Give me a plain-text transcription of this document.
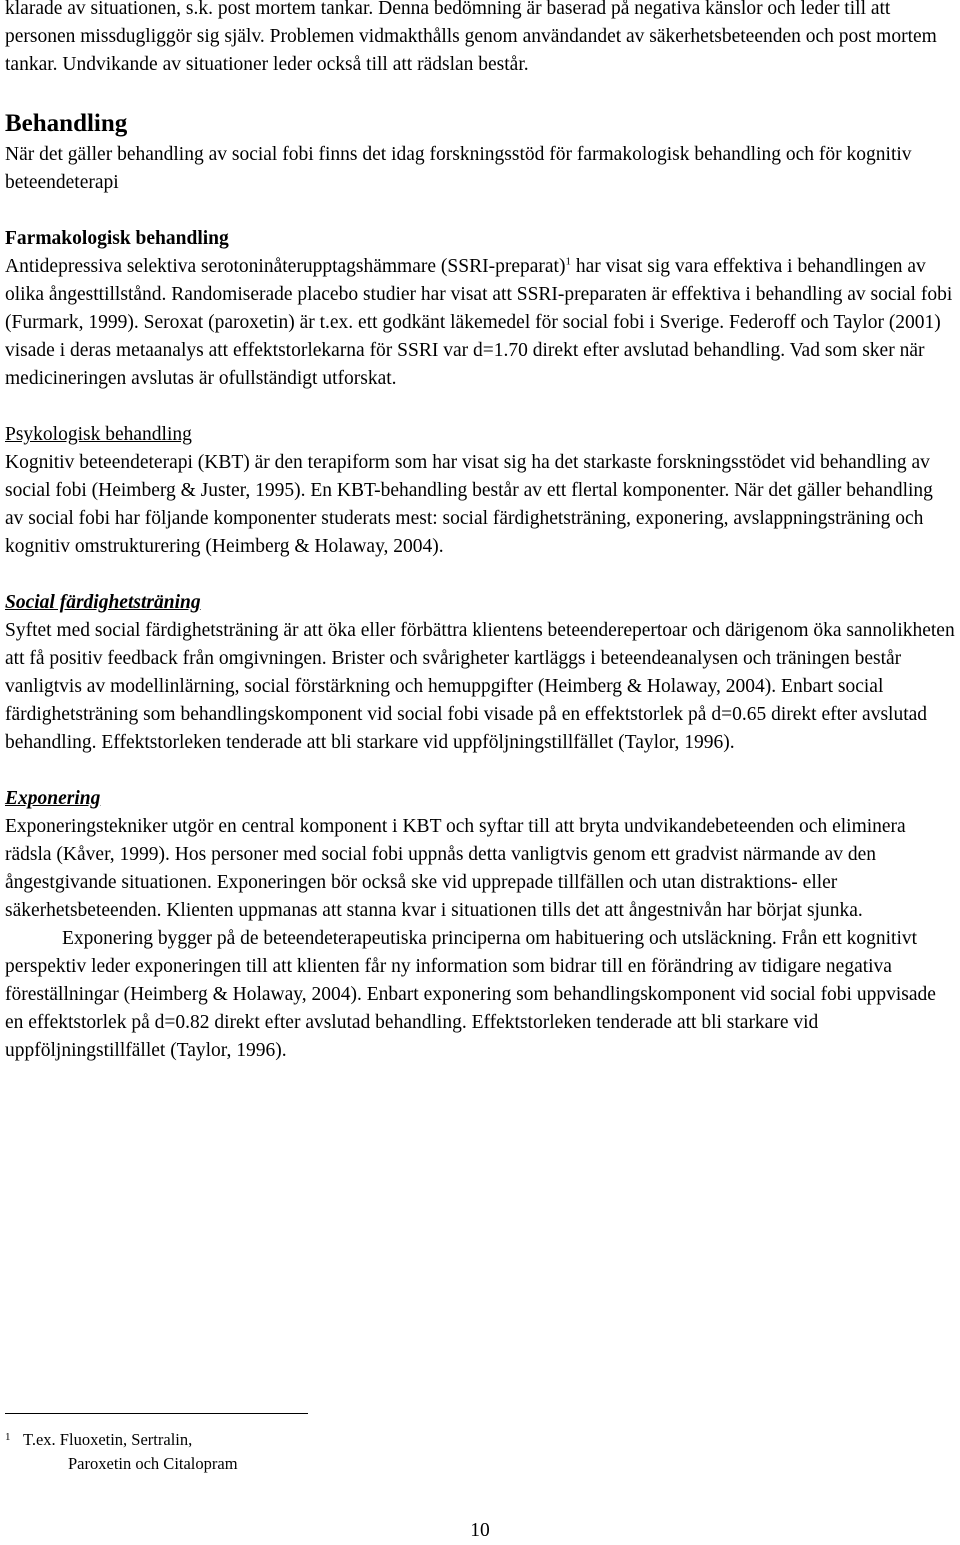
klarade av situationen, s.k. post mortem tankar. Denna bedömning är baserad på negativa känslor och leder till att personen missdugliggör sig själv. Problemen vidmakthålls genom användandet av säkerhetsbeteenden och post mortem tankar. Undvikande av situationer leder också till att rädslan består.

Behandling

När det gäller behandling av social fobi finns det idag forskningsstöd för farmakologisk behandling och för kognitiv beteendeterapi

Farmakologisk behandling

Antidepressiva selektiva serotoninåterupptagshämmare (SSRI-preparat)$^1$ har visat sig vara effektiva i behandlingen av olika ångesttillstånd. Randomiserade placebo studier har visat att SSRI-preparaten är effektiva i behandling av social fobi (Furmark, 1999). Seroxat (paroxetin) är t.ex. ett godkänt läkemedel för social fobi i Sverige. Federoff och Taylor (2001) visade i deras metaanalys att effektstorlekarna för SSRI var d=1.70 direkt efter avslutad behandling. Vad som sker när medicineringen avslutas är ofullständigt utforskat.

Psykologisk behandling

Kognitiv beteendeterapi (KBT) är den terapiform som har visat sig ha det starkaste forskningsstödet vid behandling av social fobi (Heimberg & Juster, 1995). En KBT-behandling består av ett flertal komponenter. När det gäller behandling av social fobi har följande komponenter studerats mest: social färdighetsträning, exponering, avslappningsträning och kognitiv omstrukturering (Heimberg & Holaway, 2004).

Social färdighetsträning

Syftet med social färdighetsträning är att öka eller förbättra klientens beteenderepertoar och därigenom öka sannolikheten att få positiv feedback från omgivningen. Brister och svårigheter kartläggs i beteendeanalysen och träningen består vanligtvis av modellinlärning, social förstärkning och hemuppgifter (Heimberg & Holaway, 2004). Enbart social färdighetsträning som behandlingskomponent vid social fobi visade på en effektstorlek på d=0.65 direkt efter avslutad behandling. Effektstorleken tenderade att bli starkare vid uppföljningstillfället (Taylor, 1996).

Exponering

Exponeringstekniker utgör en central komponent i KBT och syftar till att bryta undvikandebeteenden och eliminera rädsla (Kåver, 1999). Hos personer med social fobi uppnås detta vanligtvis genom ett gradvist närmande av den ångestgivande situationen. Exponeringen bör också ske vid upprepade tillfällen och utan distraktions- eller säkerhetsbeteenden. Klienten uppmanas att stanna kvar i situationen tills det att ångestnivån har börjat sjunka.

Exponering bygger på de beteendeterapeutiska principerna om habituering och utsläckning. Från ett kognitivt perspektiv leder exponeringen till att klienten får ny information som bidrar till en förändring av tidigare negativa föreställningar (Heimberg & Holaway, 2004). Enbart exponering som behandlingskomponent vid social fobi uppvisade en effektstorlek på d=0.82 direkt efter avslutad behandling. Effektstorleken tenderade att bli starkare vid uppföljningstillfället (Taylor, 1996).

1 T.ex. Fluoxetin, Sertralin,
Paroxetin och Citalopram
10
